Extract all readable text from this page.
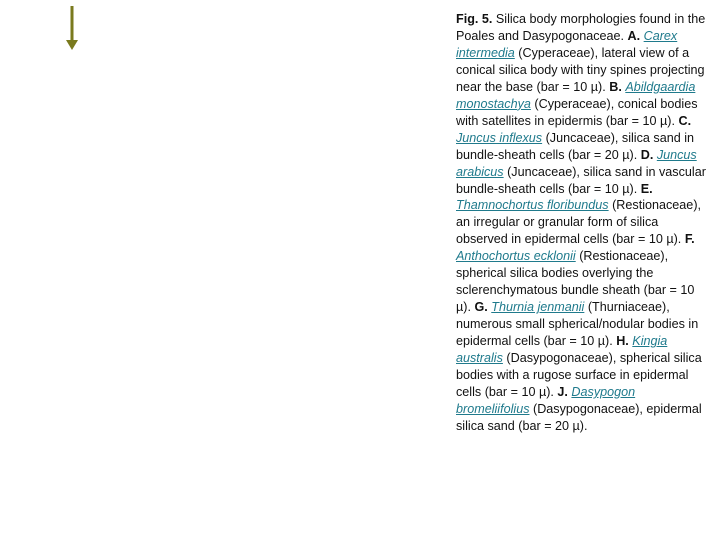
Fig. 5. Silica body morphologies found in the Poales and Dasypogonaceae. A. Carex intermedia (Cyperaceae), lateral view of a conical silica body with tiny spines projecting near the base (bar = 10 µ). B. Abildgaardia monostachya (Cyperaceae), conical bodies with satellites in epidermis (bar = 10 µ). C. Juncus inflexus (Juncaceae), silica sand in bundle-sheath cells (bar = 20 µ). D. Juncus arabicus (Juncaceae), silica sand in vascular bundle-sheath cells (bar = 10 µ). E. Thamnochortus floribundus (Restionaceae), an irregular or granular form of silica observed in epidermal cells (bar = 10 µ). F. Anthochortus ecklonii (Restionaceae), spherical silica bodies overlying the sclerenchymatous bundle sheath (bar = 10 µ). G. Thurnia jenmanii (Thurniaceae), numerous small spherical/nodular bodies in epidermal cells (bar = 10 µ). H. Kingia australis (Dasypogonaceae), spherical silica bodies with a rugose surface in epidermal cells (bar = 10 µ). J. Dasypogon bromeliifolius (Dasypogonaceae), epidermal silica sand (bar = 20 µ).
